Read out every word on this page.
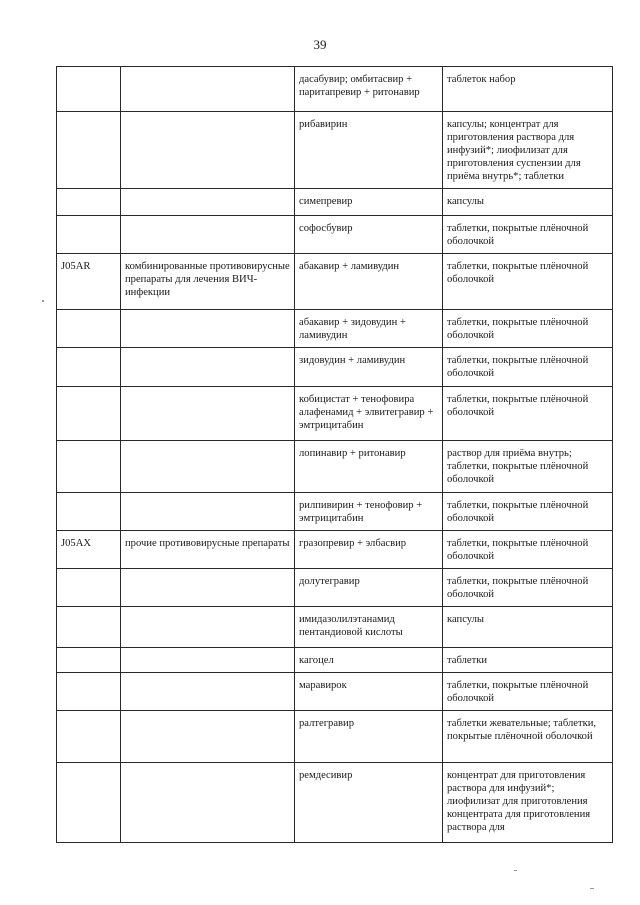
39
		дасабувир; омбитасвир + паритапревир + ритонавир	таблеток набор
		рибавирин	капсулы; концентрат для приготовления раствора для инфузий*; лиофилизат для приготовления суспензии для приёма внутрь*; таблетки
		симепревир	капсулы
		софосбувир	таблетки, покрытые плёночной оболочкой
J05AR	комбинированные противовирусные препараты для лечения ВИЧ-инфекции	абакавир + ламивудин	таблетки, покрытые плёночной оболочкой
		абакавир + зидовудин + ламивудин	таблетки, покрытые плёночной оболочкой
		зидовудин + ламивудин	таблетки, покрытые плёночной оболочкой
		кобицистат + тенофовира алафенамид + элвитегравир + эмтрицитабин	таблетки, покрытые плёночной оболочкой
		лопинавир + ритонавир	раствор для приёма внутрь; таблетки, покрытые плёночной оболочкой
		рилпивирин + тенофовир + эмтрицитабин	таблетки, покрытые плёночной оболочкой
J05AX	прочие противовирусные препараты	гразопревир + элбасвир	таблетки, покрытые плёночной оболочкой
		долутегравир	таблетки, покрытые плёночной оболочкой
		имидазолилэтанамид пентандиовой кислоты	капсулы
		кагоцел	таблетки
		маравирок	таблетки, покрытые плёночной оболочкой
		ралтегравир	таблетки жевательные; таблетки, покрытые плёночной оболочкой
		ремдесивир	концентрат для приготовления раствора для инфузий*; лиофилизат для приготовления концентрата для приготовления раствора для
